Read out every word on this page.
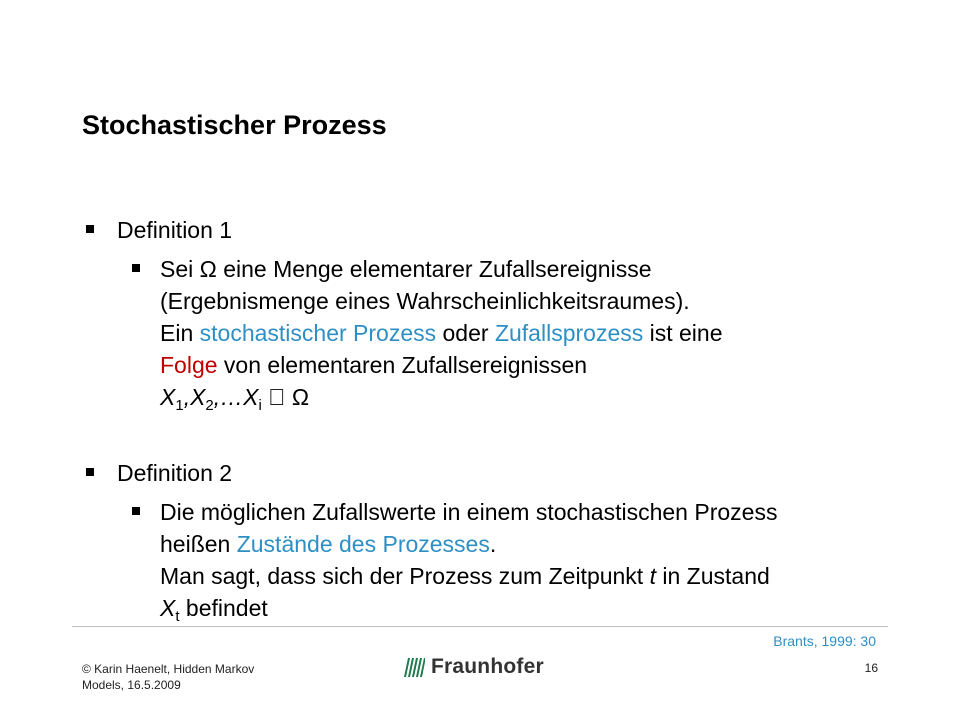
Stochastischer Prozess
Definition 1
Sei Ω eine Menge elementarer Zufallsereignisse
(Ergebnismenge eines Wahrscheinlichkeitsraumes).
Ein stochastischer Prozess oder Zufallsprozess ist eine
Folge von elementaren Zufallsereignissen
$X_1,X_2,\dots X_i$ Ω
Definition 2
Die möglichen Zufallswerte in einem stochastischen Prozess
heißen Zustände des Prozesses.
Man sagt, dass sich der Prozess zum Zeitpunkt t in Zustand
$X_t$ befindet
Brants, 1999: 30
© Karin Haenelt, Hidden Markov
Models, 16.5.2009
Fraunhofer	16
